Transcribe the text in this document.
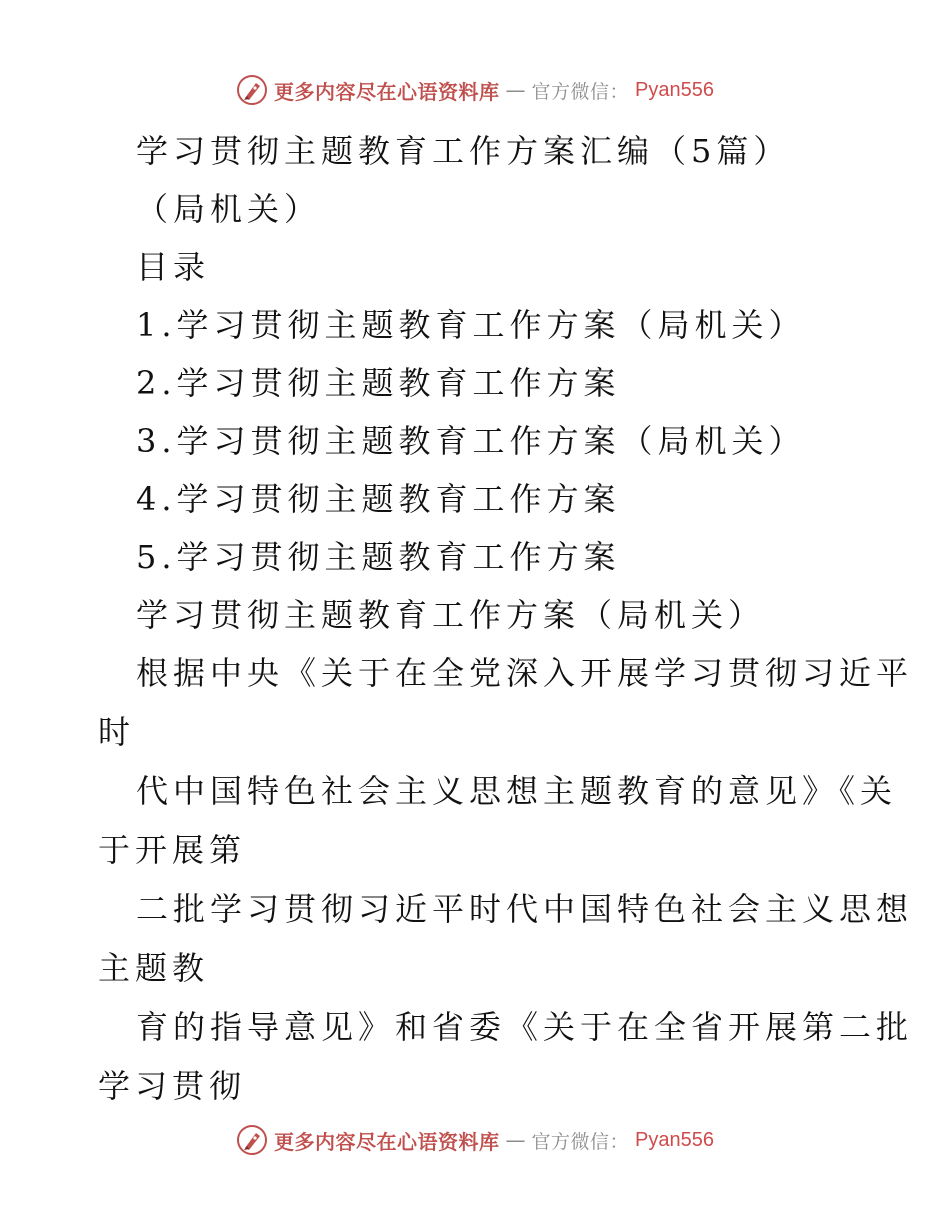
更多内容尽在心语资料库 — 官方微信： Pyan556
学习贯彻主题教育工作方案汇编（5篇）
（局机关）
目录
1.学习贯彻主题教育工作方案（局机关）
2.学习贯彻主题教育工作方案
3.学习贯彻主题教育工作方案（局机关）
4.学习贯彻主题教育工作方案
5.学习贯彻主题教育工作方案
学习贯彻主题教育工作方案（局机关）
根据中央《关于在全党深入开展学习贯彻习近平
时
代中国特色社会主义思想主题教育的意见》《关
于开展第
二批学习贯彻习近平时代中国特色社会主义思想
主题教
育的指导意见》和省委《关于在全省开展第二批
学习贯彻
更多内容尽在心语资料库 — 官方微信： Pyan556
